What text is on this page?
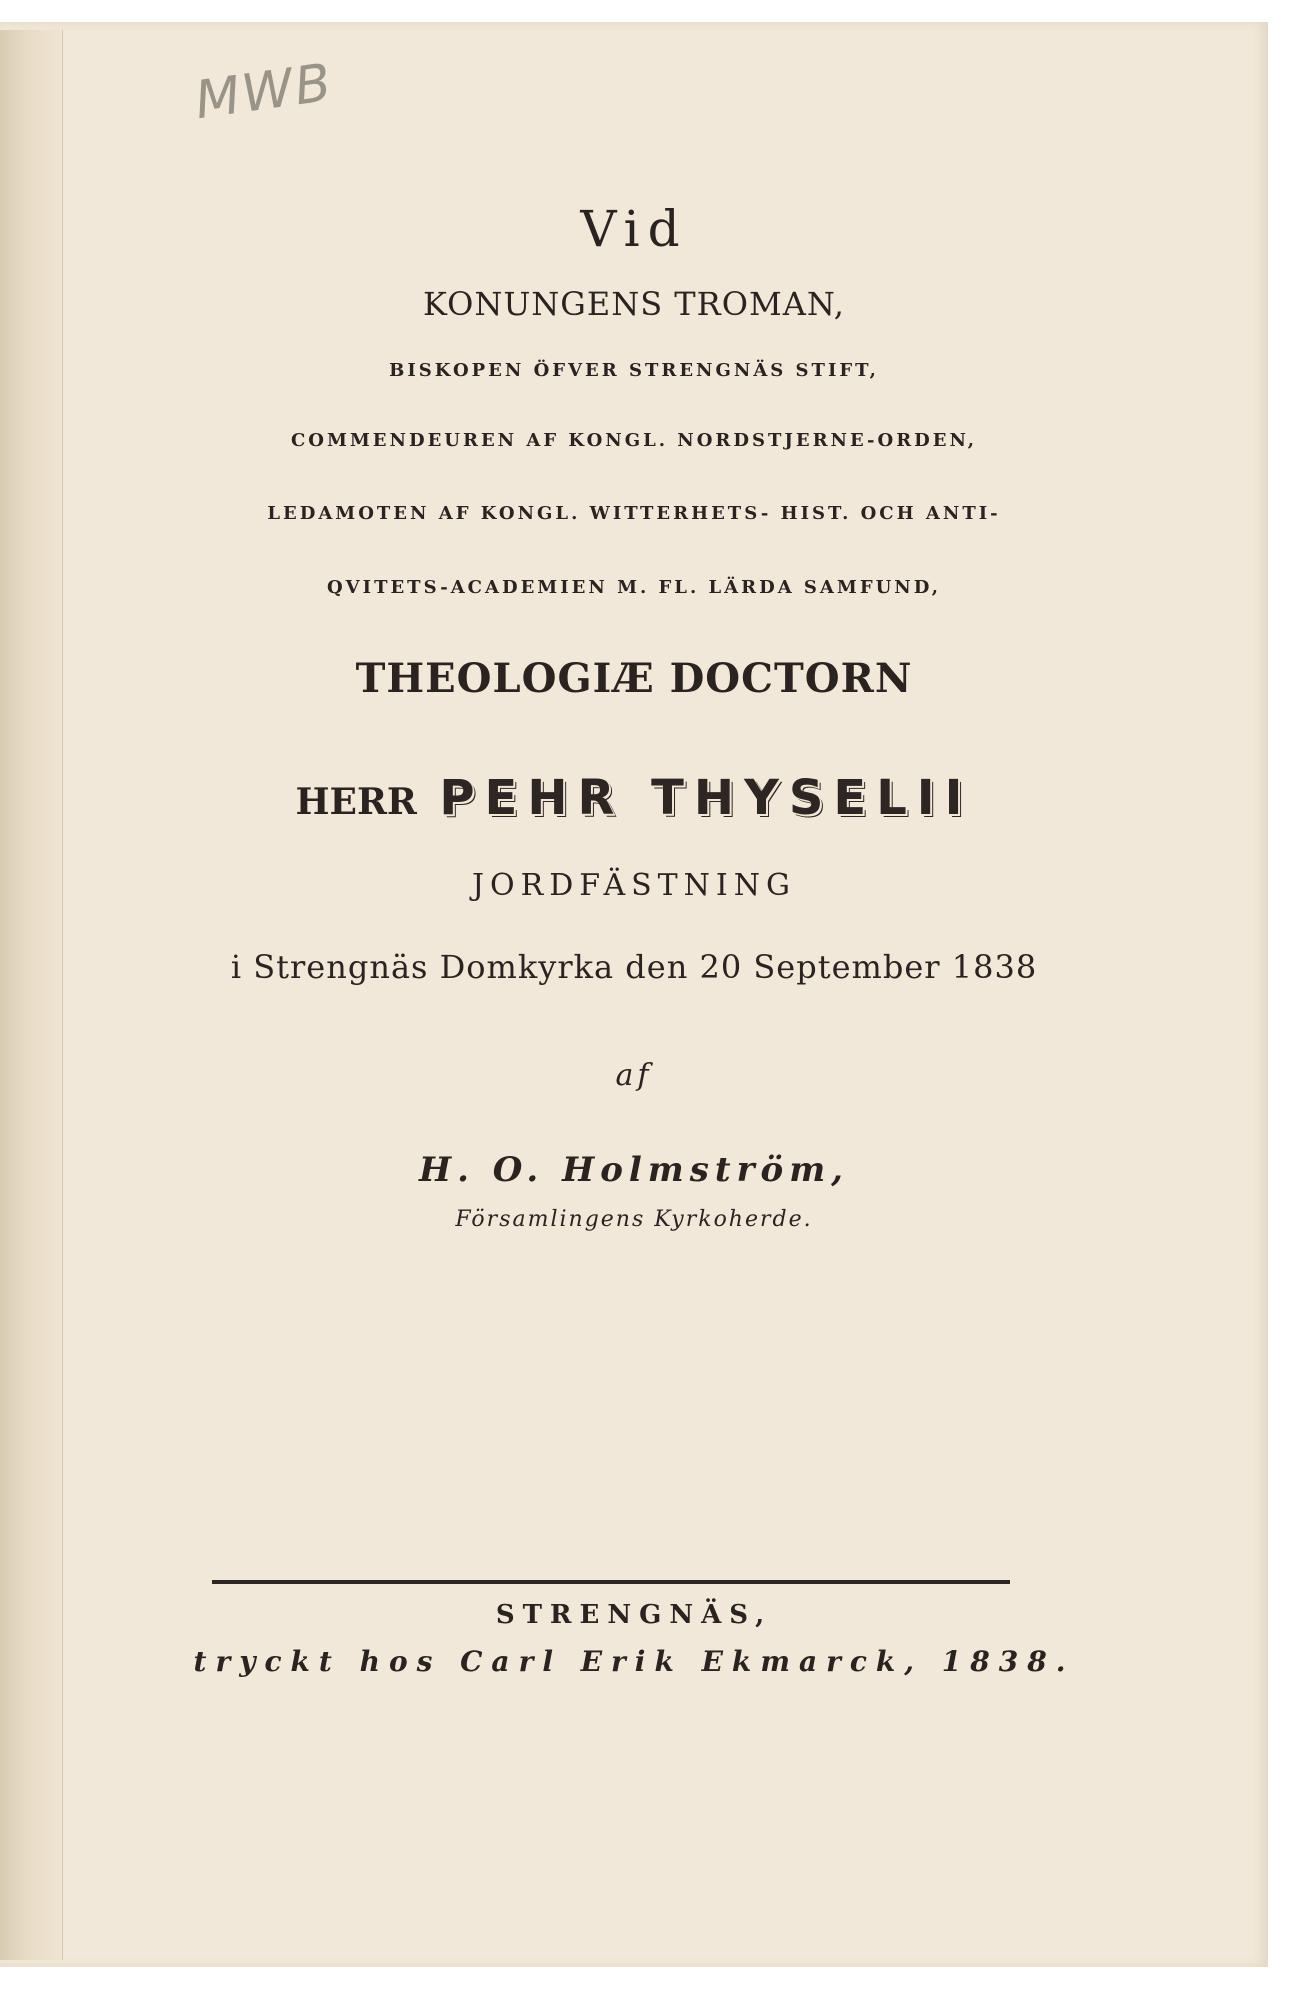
MWB
Vid
KONUNGENS TROMAN,
BISKOPEN ÖFVER STRENGNÄS STIFT,
COMMENDEUREN AF KONGL. NORDSTJERNE-ORDEN,
LEDAMOTEN AF KONGL. WITTERHETS- HIST. OCH ANTI-
QVITETS-ACADEMIEN M. FL. LÄRDA SAMFUND,
THEOLOGIÆ DOCTORN
HERR PEHR THYSELII
JORDFÄSTNING
i Strengnäs Domkyrka den 20 September 1838
af
H. O. Holmström,
Församlingens Kyrkoherde.
STRENGNÄS,
tryckt hos Carl Erik Ekmarck, 1838.
